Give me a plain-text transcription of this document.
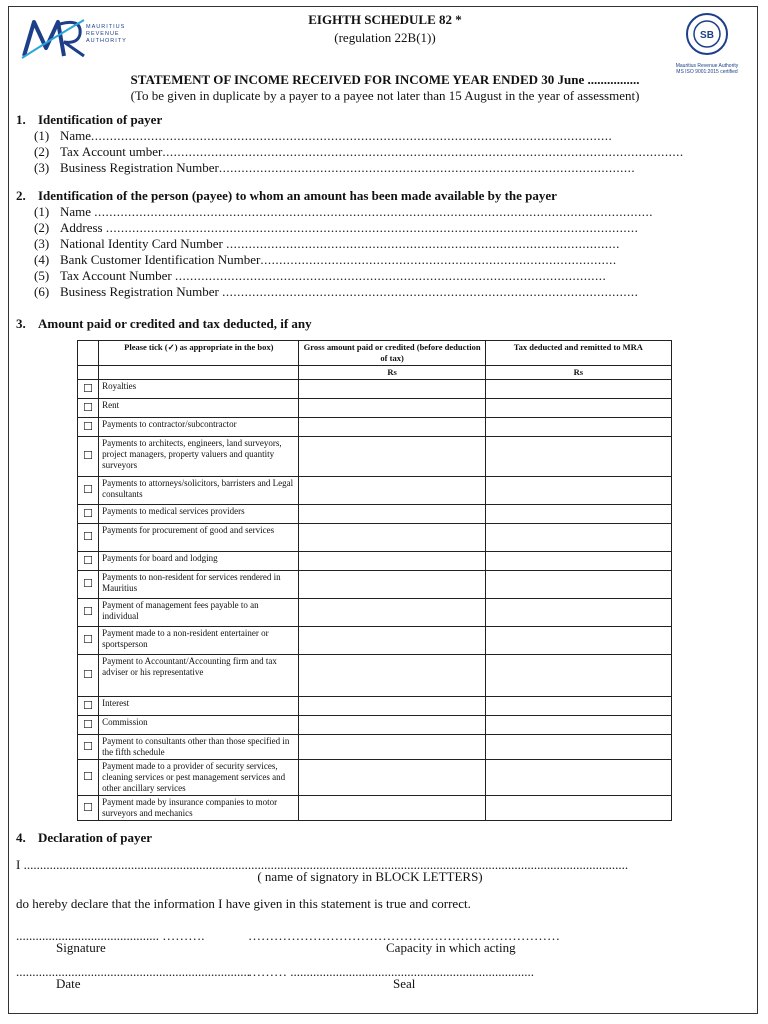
MAURITIUS REVENUE AUTHORITY	SB
Mauritius Revenue Authority
MS ISO 9001:2015 certified
EIGHTH SCHEDULE 82 *
(regulation 22B(1))
STATEMENT OF INCOME RECEIVED FOR INCOME YEAR ENDED 30 June ................
(To be given in duplicate by a payer to a payee not later than 15 August in the year of assessment)
1. Identification of payer
(1) Name...........................................................................................................................................
(2) Tax Account umber...........................................................................................................................................
(3) Business Registration Number...............................................................................................................
2. Identification of the person (payee) to whom an amount has been made available by the payer
(1) Name .....................................................................................................................................................
(2) Address ..............................................................................................................................................
(3) National Identity Card Number .........................................................................................................
(4) Bank Customer Identification Number...............................................................................................
(5) Tax Account Number ...................................................................................................................
(6) Business Registration Number ...............................................................................................................
3. Amount paid or credited and tax deducted, if any
	Please tick (✓) as appropriate in the box)	Gross amount paid or credited (before deduction of tax)	Tax deducted and remitted to MRA
		Rs	Rs
☐	Royalties		
☐	Rent		
☐	Payments to contractor/subcontractor		
☐	Payments to architects, engineers, land surveyors, project managers, property valuers and quantity surveyors		
☐	Payments to attorneys/solicitors, barristers and Legal consultants		
☐	Payments to medical services providers		
☐	Payments for procurement of good and services		
☐	Payments for board and lodging		
☐	Payments to non-resident for services rendered in Mauritius		
☐	Payment of management fees payable to an individual		
☐	Payment made to a non-resident entertainer or sportsperson		
☐	Payment to Accountant/Accounting firm and tax adviser or his representative		
☐	Interest		
☐	Commission		
☐	Payment to consultants other than those specified in the fifth schedule		
☐	Payment made to a provider of security services, cleaning services or pest management services and other ancillary services		
☐	Payment made by insurance companies to motor surveyors and mechanics		
4. Declaration of payer
I ..........................................................................................................................................................................................
( name of signatory in BLOCK LETTERS)
do hereby declare that the information I have given in this statement is true and correct.
............................................ ……….	………………………………………………………………
Signature	Capacity in which acting
........................................................................
……… ...........................................................................
Date	Seal
